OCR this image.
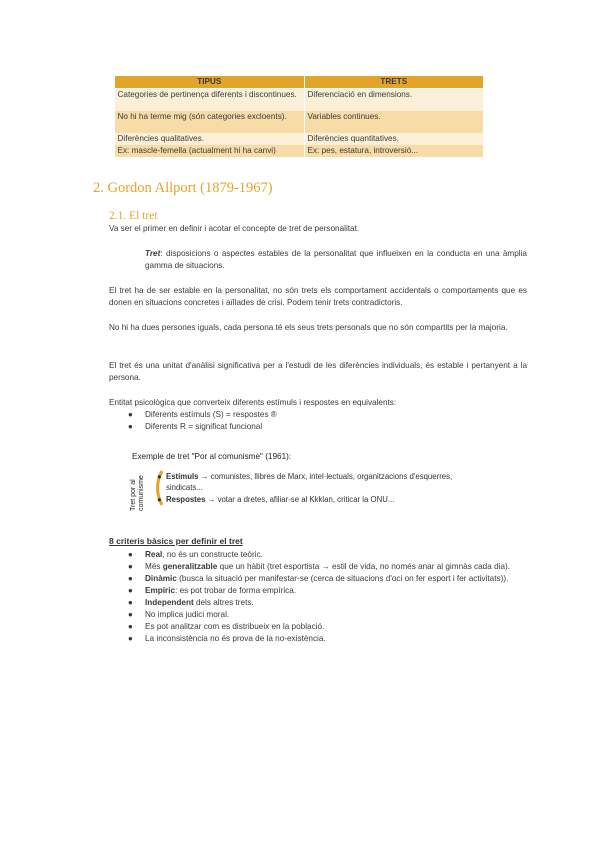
TIPUS	TRETS
Categories de pertinença diferents i discontinues.	Diferenciació en dimensions.
No hi ha terme mig (són categories excloents).	Variables continues.
Diferències qualitatives.	Diferències quantitatives.
Ex: mascle-femella (actualment hi ha canvi)	Ex: pes, estatura, introversió...
2. Gordon Allport (1879-1967)
2.1. El tret
Va ser el primer en definir i acotar el concepte de tret de personalitat.
Tret: disposicions o aspectes estables de la personalitat que influeixen en la conducta en una àmplia gamma de situacions.
El tret ha de ser estable en la personalitat, no són trets els comportament accidentals o comportaments que es donen en situacions concretes i aïllades de crisi. Podem tenir trets contradictoris.
No hi ha dues persones iguals, cada persona té els seus trets personals que no són compartits per la majoria.
El tret és una unitat d'anàlisi significativa per a l'estudi de les diferències individuals, és estable i pertanyent a la persona.
Entitat psicològica que converteix diferents estímuls i respostes en equivalents:
● Diferents estímuls (S) = respostes ®
● Diferents R = significat funcional
Exemple de tret "Por al comunisme" (1961):
Tret por al comunisme ● Estímuls → comunistes, llibres de Marx, intel·lectuals, organitzacions d'esquerres, sindicats...
● Respostes → votar a dretes, afiliar-se al Kkklan, criticar la ONU...
8 criteris bàsics per definir el tret
● Real, no és un constructe teòric.
● Més generalitzable que un hàbit (tret esportista → estil de vida, no només anar al gimnàs cada dia).
● Dinàmic (busca la situació per manifestar-se (cerca de situacions d'oci on fer esport i fer activitats)).
● Empíric: es pot trobar de forma empírica.
● Independent dels altres trets.
● No implica judici moral.
● Es pot analitzar com es distribueix en la població.
● La inconsistència no és prova de la no-existència.
